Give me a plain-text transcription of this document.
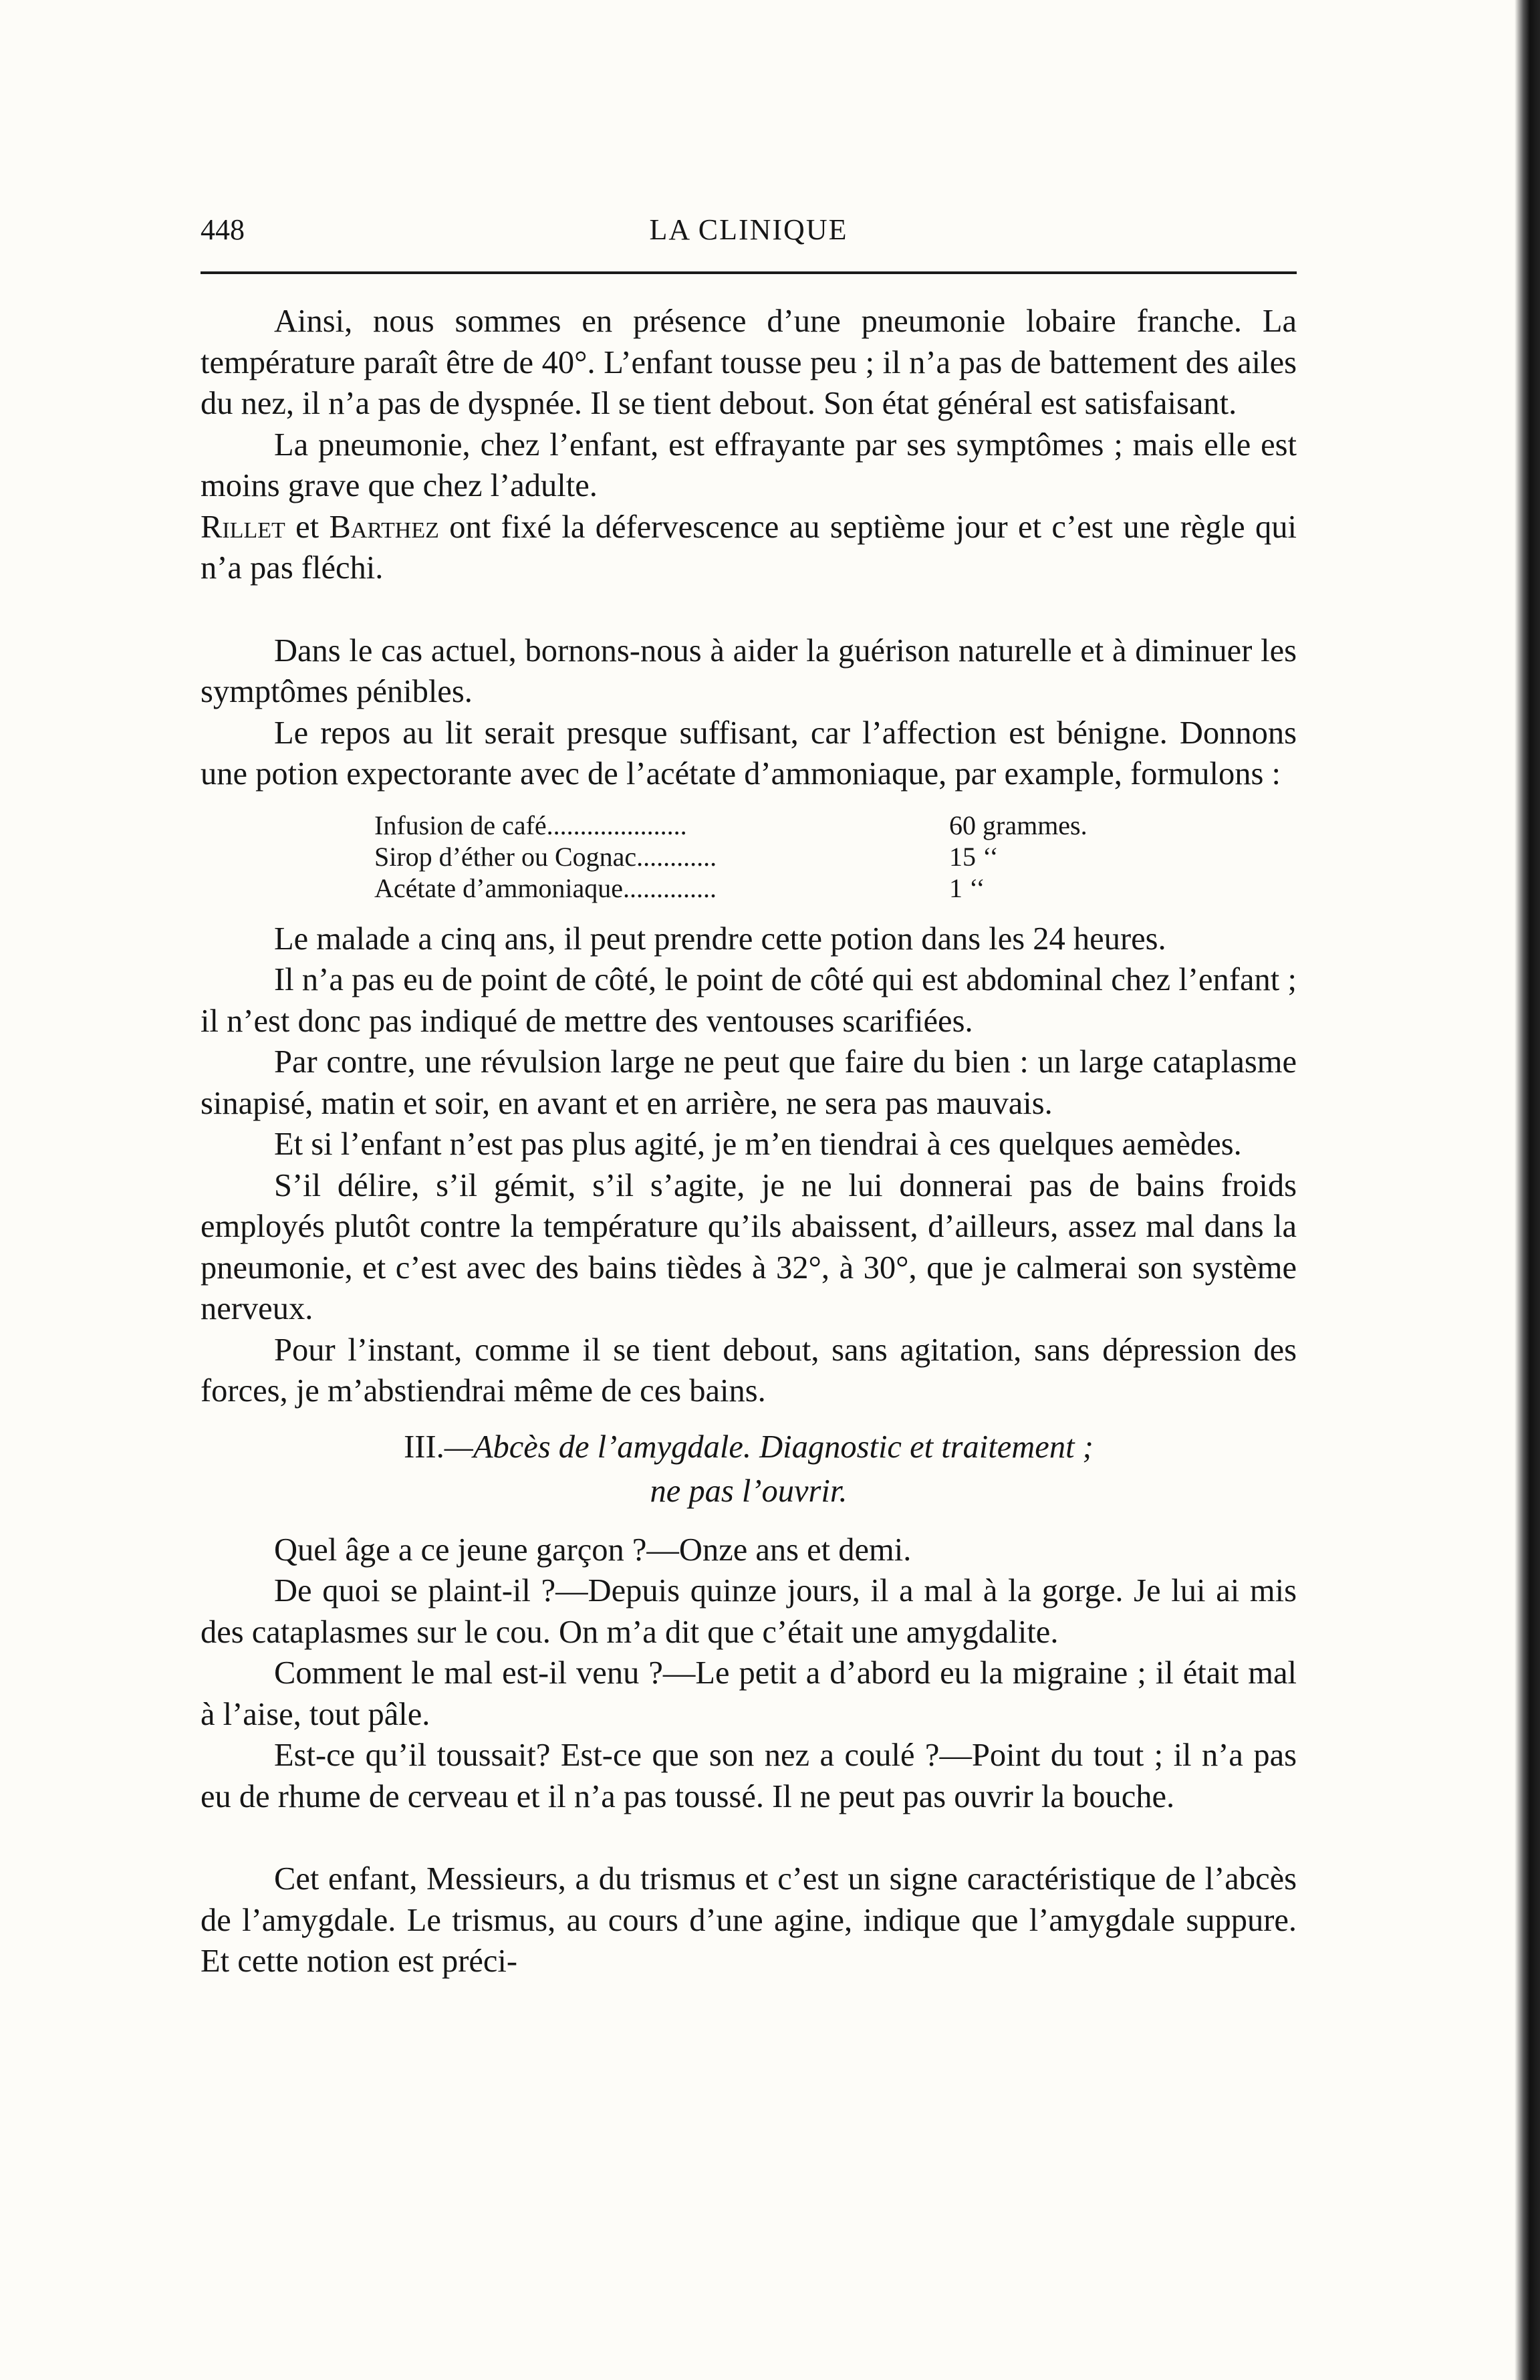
448	LA CLINIQUE

Ainsi, nous sommes en présence d’une pneumonie lobaire franche. La température paraît être de 40°. L’enfant tousse peu ; il n’a pas de battement des ailes du nez, il n’a pas de dyspnée. Il se tient debout. Son état général est satisfaisant.

La pneumonie, chez l’enfant, est effrayante par ses symptômes ; mais elle est moins grave que chez l’adulte.

Rillet et Barthez ont fixé la défervescence au septième jour et c’est une règle qui n’a pas fléchi.

Dans le cas actuel, bornons-nous à aider la guérison naturelle et à diminuer les symptômes pénibles.

Le repos au lit serait presque suffisant, car l’affection est bénigne. Donnons une potion expectorante avec de l’acétate d’ammoniaque, par example, formulons :

Infusion de café.....................	60 grammes.
Sirop d’éther ou Cognac............	15 ‘‘
Acétate d’ammoniaque..............	1 ‘‘

Le malade a cinq ans, il peut prendre cette potion dans les 24 heures.

Il n’a pas eu de point de côté, le point de côté qui est abdominal chez l’enfant ; il n’est donc pas indiqué de mettre des ventouses scarifiées.

Par contre, une révulsion large ne peut que faire du bien : un large cataplasme sinapisé, matin et soir, en avant et en arrière, ne sera pas mauvais.

Et si l’enfant n’est pas plus agité, je m’en tiendrai à ces quelques aemèdes.

S’il délire, s’il gémit, s’il s’agite, je ne lui donnerai pas de bains froids employés plutôt contre la température qu’ils abaissent, d’ailleurs, assez mal dans la pneumonie, et c’est avec des bains tièdes à 32°, à 30°, que je calmerai son système nerveux.

Pour l’instant, comme il se tient debout, sans agitation, sans dépression des forces, je m’abstiendrai même de ces bains.

III.—Abcès de l’amygdale. Diagnostic et traitement ;
ne pas l’ouvrir.

Quel âge a ce jeune garçon ?—Onze ans et demi.

De quoi se plaint-il ?—Depuis quinze jours, il a mal à la gorge. Je lui ai mis des cataplasmes sur le cou. On m’a dit que c’était une amygdalite.

Comment le mal est-il venu ?—Le petit a d’abord eu la migraine ; il était mal à l’aise, tout pâle.

Est-ce qu’il toussait? Est-ce que son nez a coulé ?—Point du tout ; il n’a pas eu de rhume de cerveau et il n’a pas toussé. Il ne peut pas ouvrir la bouche.

Cet enfant, Messieurs, a du trismus et c’est un signe caractéristique de l’abcès de l’amygdale. Le trismus, au cours d’une agine, indique que l’amygdale suppure. Et cette notion est préci-
